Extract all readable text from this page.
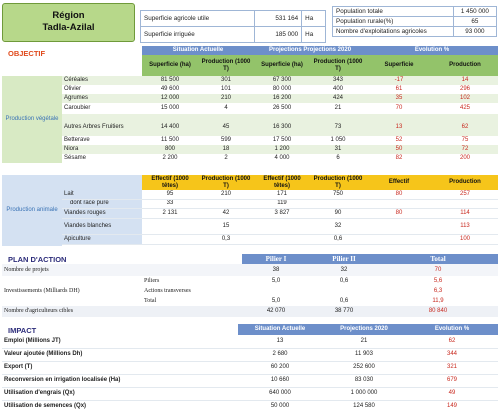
Région
Tadla-Azilal
Superficie agricole utile	531 164	Ha
Superficie irriguée	185 000	Ha
Population totale	1 450 000
Population rurale(%)	65
Nombre d'exploitations agricoles	93 000
OBJECTIF
			Situation Actuelle		Projections Projections 2020		Evolution %	
		Superficie (ha)	Production (1000 T)	Superficie (ha)	Production (1000 T)	Superficie	Production
Production végétale	Céréales	81 500	301	67 300	343	-17	14
	Olivier	49 600	101	80 000	400	61	296
	Agrumes	12 000	210	16 200	424	35	102
	Caroubier	15 000	4	26 500	21	70	425

	Autres Arbres Fruitiers	14 400	45	16 300	73	13	62
	Betterave	11 500	599	17 500	1 050	52	75
	Niora	800	18	1 200	31	50	72
	Sésame	2 200	2	4 000	6	82	200
Production animale		Effectif (1000 têtes)	Production (1000 T)	Effectif (1000 têtes)	Production (1000 T)	Effectif	Production
	Lait	95	210	171	750	80	257
	dont race pure	33		119			
	Viandes rouges	2 131	42	3 827	90	80	114
	Viandes blanches		15		32		113
	Apiculture		0,3		0,6		100

PLAN D'ACTION
			Pilier I	Pilier II	Total
Nombre de projets		38	32	70
Investissements (Milliards DH)	Piliers	5,0	0,6	5,6
	Actions transverses			6,3
	Total	5,0	0,6	11,9
Nombre d'agriculteurs cibles		42 070	38 770	80 840
IMPACT
		Situation Actuelle	Projections 2020	Evolution %
Emploi (Millions JT)	13	21	62
Valeur ajoutée (Millions Dh)	2 680	11 903	344
Export (T)	60 200	252 600	321
Reconversion en irrigation localisée (Ha)	10 660	83 030	679
Utilisation d'engrais (Qx)	640 000	1 000 000	49
Utilisation de semences (Qx)	50 000	124 580	149
